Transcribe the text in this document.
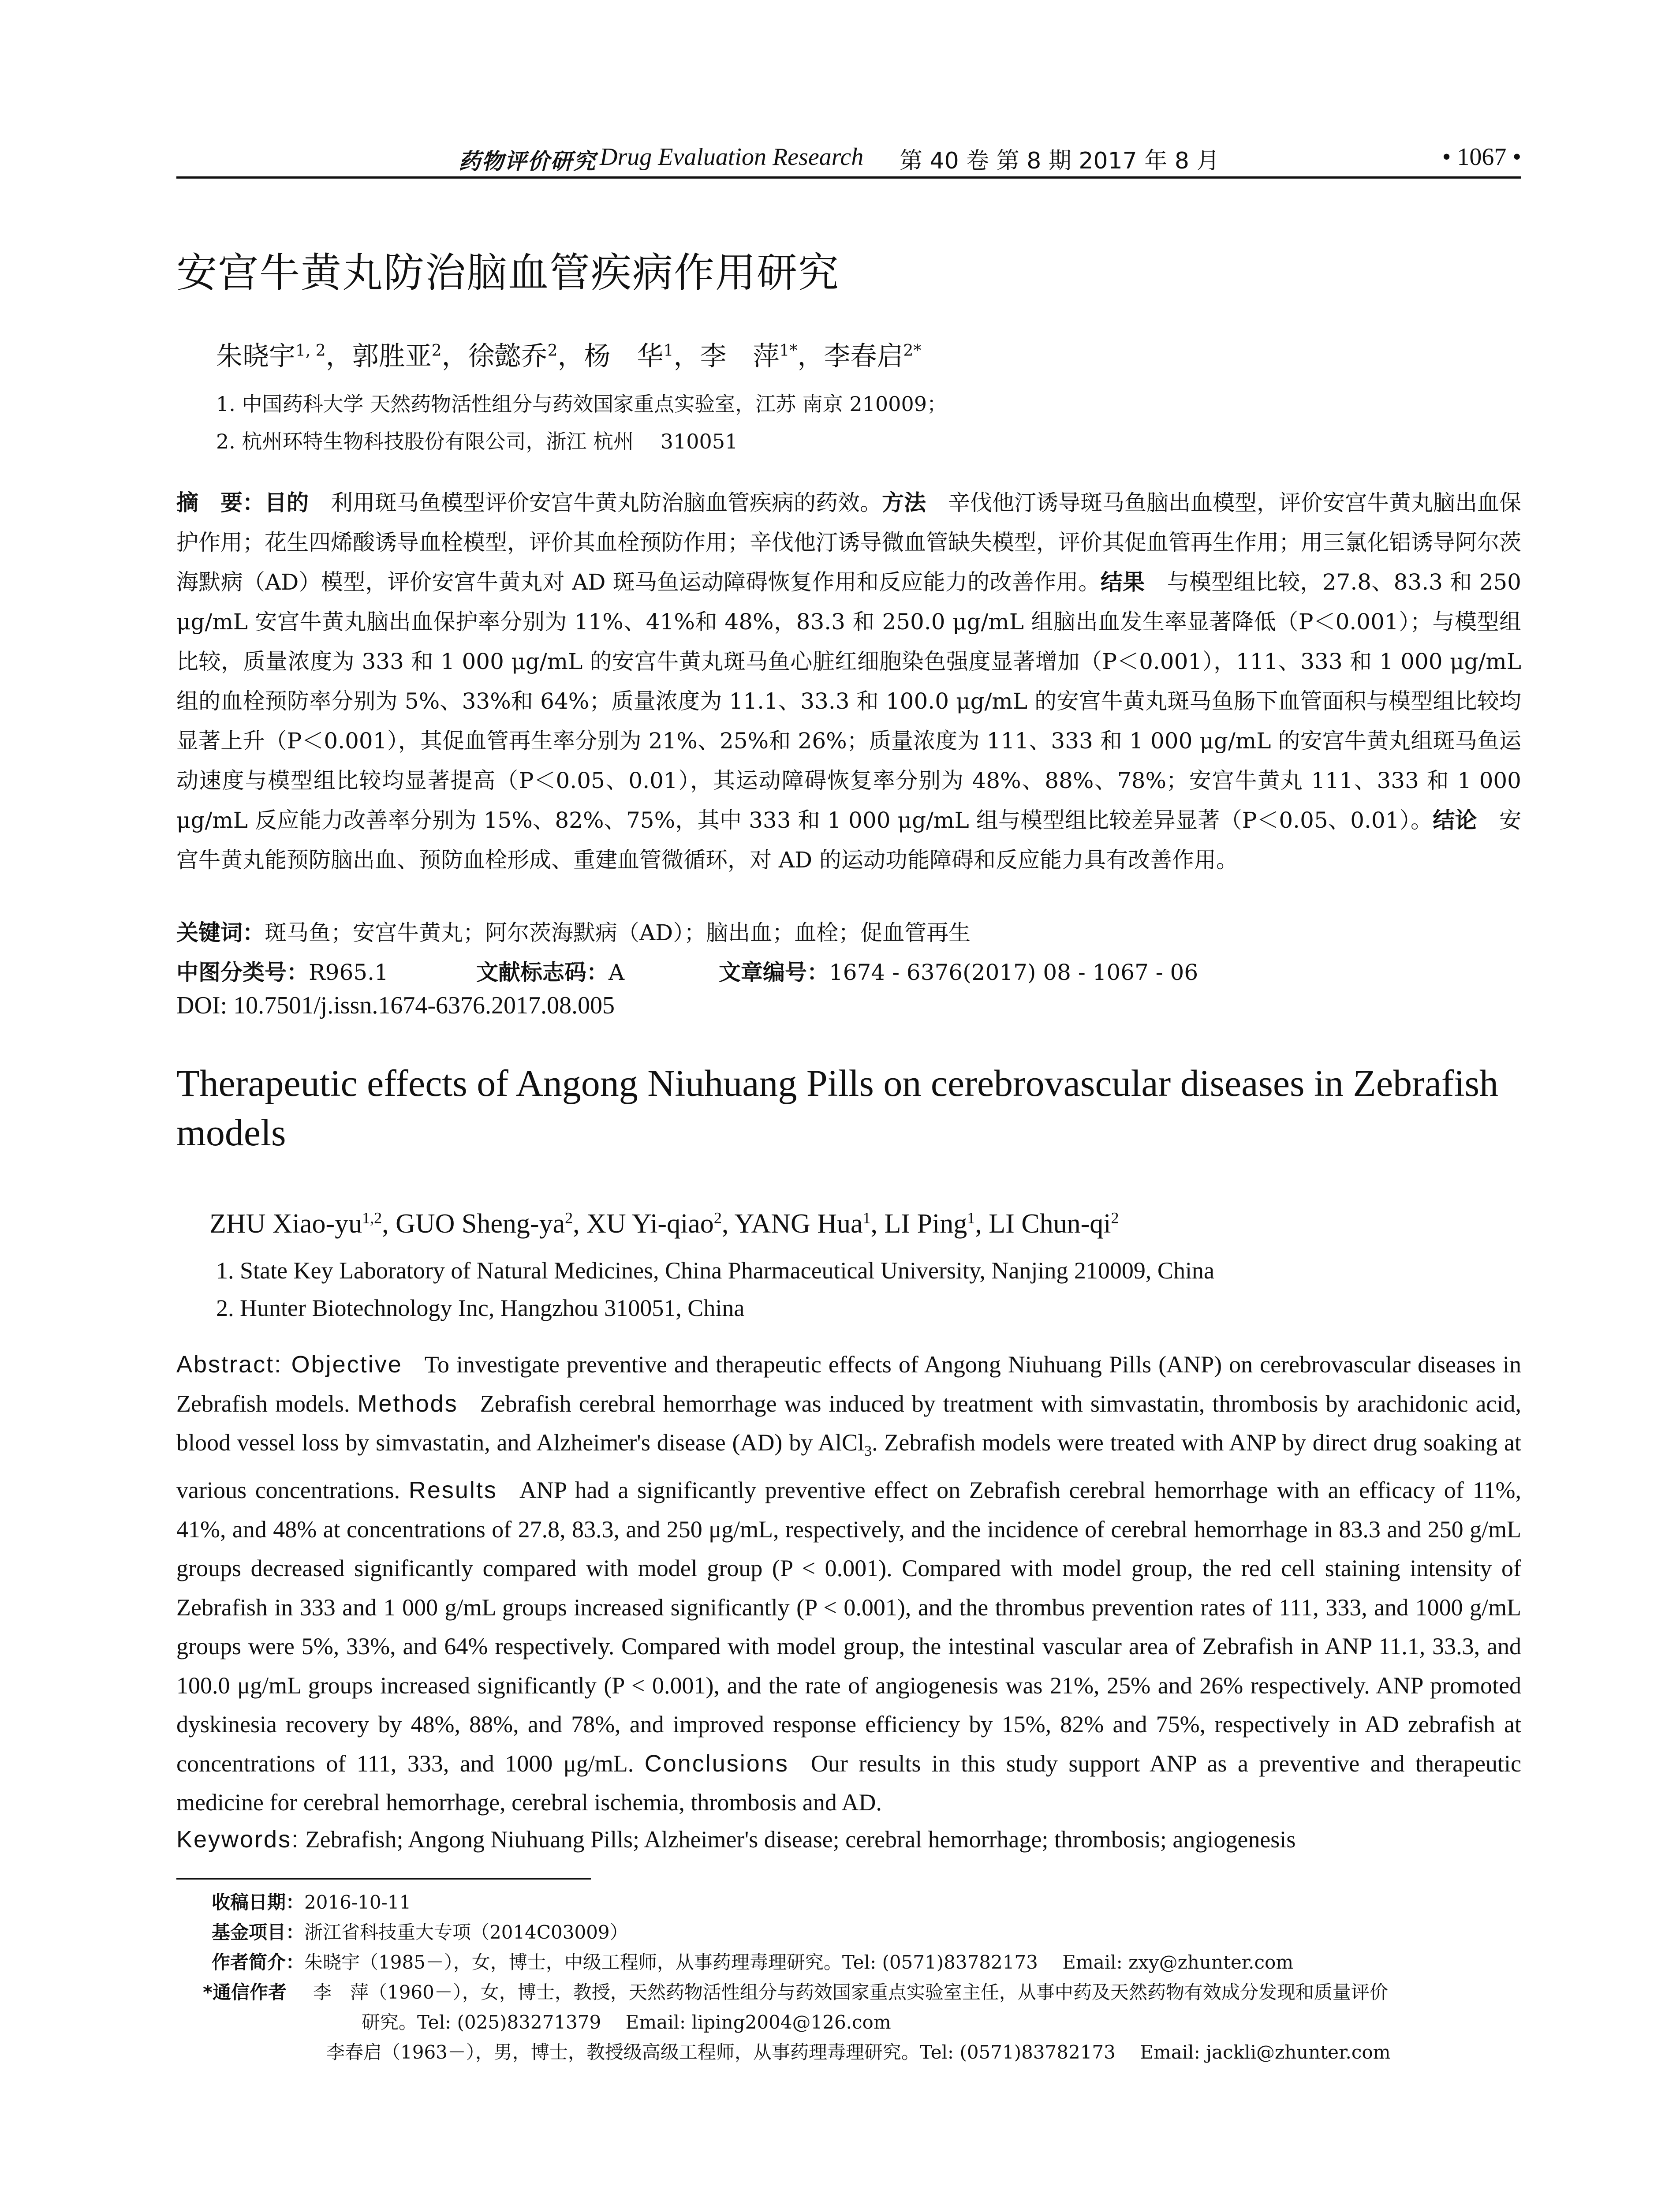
药物评价研究 Drug Evaluation Research 第 40 卷 第 8 期 2017 年 8 月	• 1067 •
安宫牛黄丸防治脑血管疾病作用研究
朱晓宇$^{1, 2}$，郭胜亚$^2$，徐懿乔$^2$，杨　华$^1$，李　萍$^{1*}$，李春启$^{2*}$
1. 中国药科大学 天然药物活性组分与药效国家重点实验室，江苏 南京 210009；
2. 杭州环特生物科技股份有限公司，浙江 杭州 　310051

摘　要：目的 利用斑马鱼模型评价安宫牛黄丸防治脑血管疾病的药效。方法 辛伐他汀诱导斑马鱼脑出血模型，评价安宫牛黄丸脑出血保护作用；花生四烯酸诱导血栓模型，评价其血栓预防作用；辛伐他汀诱导微血管缺失模型，评价其促血管再生作用；用三氯化铝诱导阿尔茨海默病（AD）模型，评价安宫牛黄丸对 AD 斑马鱼运动障碍恢复作用和反应能力的改善作用。结果 与模型组比较，27.8、83.3 和 250 μg/mL 安宫牛黄丸脑出血保护率分别为 11%、41%和 48%，83.3 和 250.0 μg/mL 组脑出血发生率显著降低（P＜0.001）；与模型组比较，质量浓度为 333 和 1 000 μg/mL 的安宫牛黄丸斑马鱼心脏红细胞染色强度显著增加（P＜0.001），111、333 和 1 000 μg/mL 组的血栓预防率分别为 5%、33%和 64%；质量浓度为 11.1、33.3 和 100.0 μg/mL 的安宫牛黄丸斑马鱼肠下血管面积与模型组比较均显著上升（P＜0.001），其促血管再生率分别为 21%、25%和 26%；质量浓度为 111、333 和 1 000 μg/mL 的安宫牛黄丸组斑马鱼运动速度与模型组比较均显著提高（P＜0.05、0.01），其运动障碍恢复率分别为 48%、88%、78%；安宫牛黄丸 111、333 和 1 000 μg/mL 反应能力改善率分别为 15%、82%、75%，其中 333 和 1 000 μg/mL 组与模型组比较差异显著（P＜0.05、0.01）。结论 安宫牛黄丸能预防脑出血、预防血栓形成、重建血管微循环，对 AD 的运动功能障碍和反应能力具有改善作用。

关键词：斑马鱼；安宫牛黄丸；阿尔茨海默病（AD）；脑出血；血栓；促血管再生
中图分类号：R965.1	文献标志码：A	文章编号：1674 - 6376(2017) 08 - 1067 - 06
DOI: 10.7501/j.issn.1674-6376.2017.08.005
Therapeutic effects of Angong Niuhuang Pills on cerebrovascular diseases in Zebrafish models
ZHU Xiao-yu$^{1,2}$, GUO Sheng-$ya^2$, XU Yi-qiao$^2$, YANG Hua$^1$, LI Ping$^1$, LI Chun-$qi^2$
1. State Key Laboratory of Natural Medicines, China Pharmaceutical University, Nanjing 210009, China
2. Hunter Biotechnology Inc, Hangzhou 310051, China

Abstract: Objective To investigate preventive and therapeutic effects of Angong Niuhuang Pills (ANP) on cerebrovascular diseases in Zebrafish models. Methods Zebrafish cerebral hemorrhage was induced by treatment with simvastatin, thrombosis by arachidonic acid, blood vessel loss by simvastatin, and Alzheimer's disease (AD) by AlCl$_3$. Zebrafish models were treated with ANP by direct drug soaking at various concentrations. Results ANP had a significantly preventive effect on Zebrafish cerebral hemorrhage with an efficacy of 11%, 41%, and 48% at concentrations of 27.8, 83.3, and 250 μg/mL, respectively, and the incidence of cerebral hemorrhage in 83.3 and 250 g/mL groups decreased significantly compared with model group (P < 0.001). Compared with model group, the red cell staining intensity of Zebrafish in 333 and 1 000 g/mL groups increased significantly (P < 0.001), and the thrombus prevention rates of 111, 333, and 1000 g/mL groups were 5%, 33%, and 64% respectively. Compared with model group, the intestinal vascular area of Zebrafish in ANP 11.1, 33.3, and 100.0 μg/mL groups increased significantly (P < 0.001), and the rate of angiogenesis was 21%, 25% and 26% respectively. ANP promoted dyskinesia recovery by 48%, 88%, and 78%, and improved response efficiency by 15%, 82% and 75%, respectively in AD zebrafish at concentrations of 111, 333, and 1000 μg/mL. Conclusions Our results in this study support ANP as a preventive and therapeutic medicine for cerebral hemorrhage, cerebral ischemia, thrombosis and AD.

Keywords: Zebrafish; Angong Niuhuang Pills; Alzheimer's disease; cerebral hemorrhage; thrombosis; angiogenesis
收稿日期：2016-10-11
基金项目：浙江省科技重大专项（2014C03009）
作者简介：朱晓宇（1985－），女，博士，中级工程师，从事药理毒理研究。Tel: (0571)83782173　 Email: zxy@zhunter.com
*通信作者 李　萍（1960－），女，博士，教授，天然药物活性组分与药效国家重点实验室主任，从事中药及天然药物有效成分发现和质量评价
研究。Tel: (025)83271379　 Email: liping2004@126.com
李春启（1963－），男，博士，教授级高级工程师，从事药理毒理研究。Tel: (0571)83782173　 Email: jackli@zhunter.com
